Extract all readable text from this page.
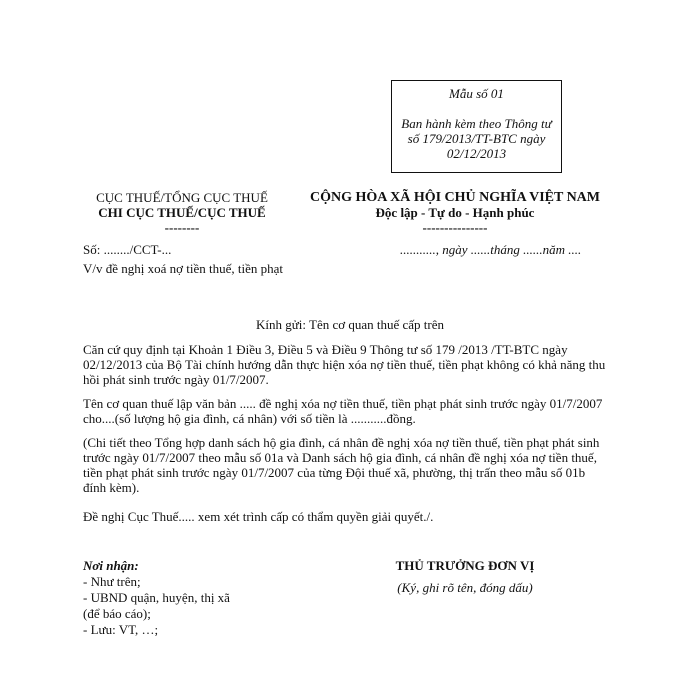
Mẫu số 01
Ban hành kèm theo Thông tư số 179/2013/TT-BTC ngày 02/12/2013
CỤC THUẾ/TỔNG CỤC THUẾ
CHI CỤC THUẾ/CỤC THUẾ
--------
CỘNG HÒA XÃ HỘI CHỦ NGHĨA VIỆT NAM
Độc lập - Tự do - Hạnh phúc
---------------
Số: ......../CCT-...
V/v đề nghị xoá nợ tiền thuế, tiền phạt
..........., ngày ......tháng ......năm ....
Kính gửi: Tên cơ quan thuế cấp trên
Căn cứ quy định tại Khoản 1 Điều 3, Điều 5 và Điều 9 Thông tư số 179 /2013 /TT-BTC ngày 02/12/2013 của Bộ Tài chính hướng dẫn thực hiện xóa nợ tiền thuế, tiền phạt không có khả năng thu hồi phát sinh trước ngày 01/7/2007.
Tên cơ quan thuế lập văn bản ..... đề nghị xóa nợ tiền thuế, tiền phạt phát sinh trước ngày 01/7/2007 cho....(số lượng hộ gia đình, cá nhân) với số tiền là ...........đồng.
(Chi tiết theo Tổng hợp danh sách hộ gia đình, cá nhân đề nghị xóa nợ tiền thuế, tiền phạt phát sinh trước ngày 01/7/2007 theo mẫu số 01a và Danh sách hộ gia đình, cá nhân đề nghị xóa nợ tiền thuế, tiền phạt phát sinh trước ngày 01/7/2007 của từng Đội thuế xã, phường, thị trấn theo mẫu số 01b đính kèm).
Đề nghị Cục Thuế..... xem xét trình cấp có thẩm quyền giải quyết./.
Nơi nhận:
- Như trên;
- UBND quận, huyện, thị xã
(để báo cáo);
- Lưu: VT, …;
THỦ TRƯỞNG ĐƠN VỊ
(Ký, ghi rõ tên, đóng dấu)
